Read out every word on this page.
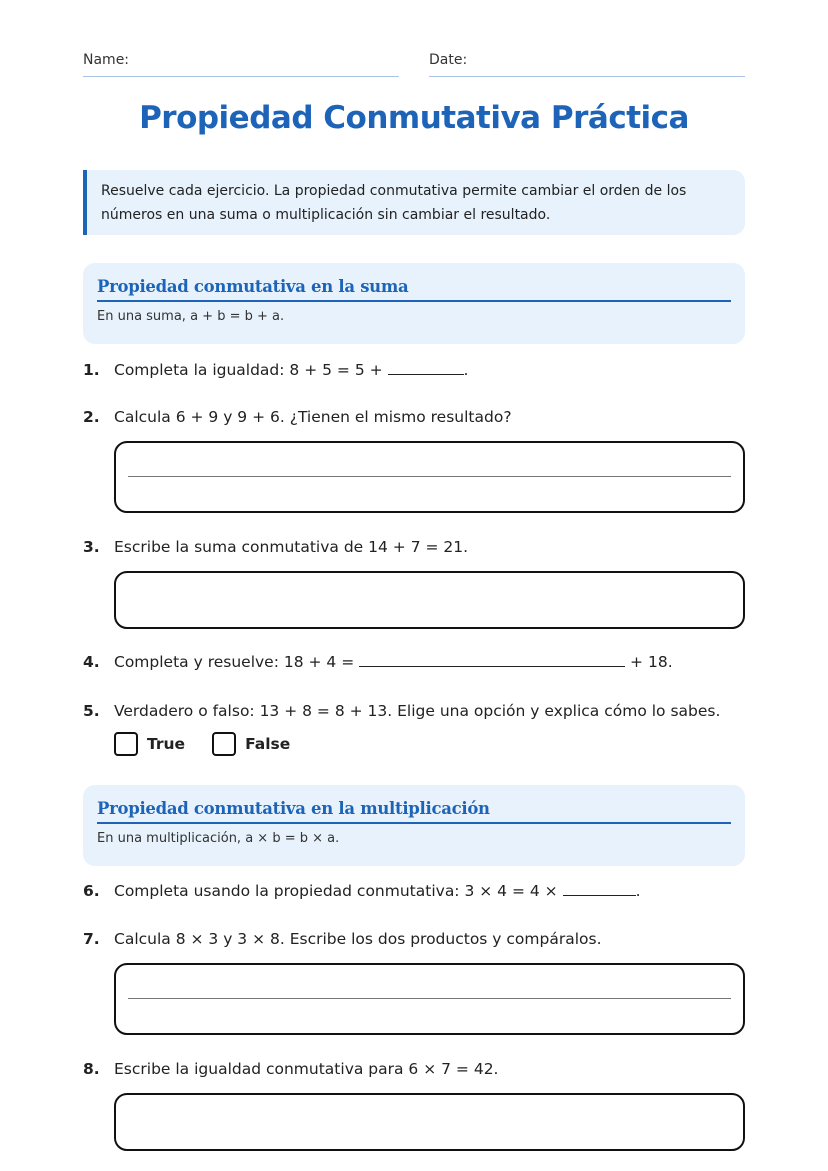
Name:	Date:
Propiedad Conmutativa Práctica
Resuelve cada ejercicio. La propiedad conmutativa permite cambiar el orden de los números en una suma o multiplicación sin cambiar el resultado.
Propiedad conmutativa en la suma
En una suma, a + b = b + a.
1. Completa la igualdad: 8 + 5 = 5 +	.
2. Calcula 6 + 9 y 9 + 6. ¿Tienen el mismo resultado?
3. Escribe la suma conmutativa de 14 + 7 = 21.
4. Completa y resuelve: 18 + 4 =	+ 18.
5. Verdadero o falso: 13 + 8 = 8 + 13. Elige una opción y explica cómo lo sabes.
True	False
Propiedad conmutativa en la multiplicación
En una multiplicación, a × b = b × a.
6. Completa usando la propiedad conmutativa: 3 × 4 = 4 ×	.
7. Calcula 8 × 3 y 3 × 8. Escribe los dos productos y compáralos.
8. Escribe la igualdad conmutativa para 6 × 7 = 42.
